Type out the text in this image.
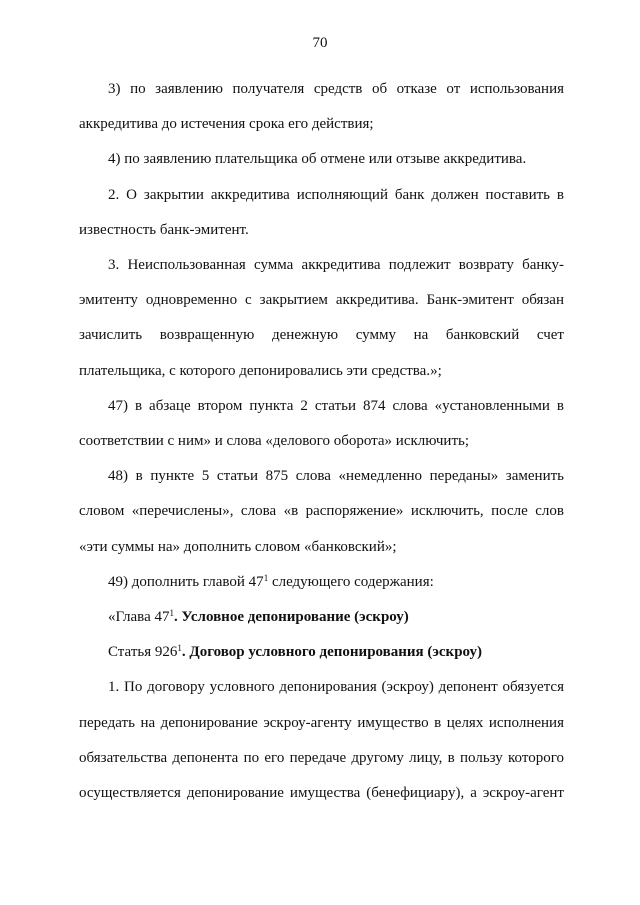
70

3) по заявлению получателя средств об отказе от использования аккредитива до истечения срока его действия;

4) по заявлению плательщика об отмене или отзыве аккредитива.

2. О закрытии аккредитива исполняющий банк должен поставить в известность банк-эмитент.

3. Неиспользованная сумма аккредитива подлежит возврату банку-эмитенту одновременно с закрытием аккредитива. Банк-эмитент обязан зачислить возвращенную денежную сумму на банковский счет плательщика, с которого депонировались эти средства.»;

47) в абзаце втором пункта 2 статьи 874 слова «установленными в соответствии с ним» и слова «делового оборота» исключить;

48) в пункте 5 статьи 875 слова «немедленно переданы» заменить словом «перечислены», слова «в распоряжение» исключить, после слов «эти суммы на» дополнить словом «банковский»;

49) дополнить главой $47^1$ следующего содержания:

«Глава $47^1$. Условное депонирование (эскроу)

Статья $926^1$. Договор условного депонирования (эскроу)

1. По договору условного депонирования (эскроу) депонент обязуется передать на депонирование эскроу-агенту имущество в целях исполнения обязательства депонента по его передаче другому лицу, в пользу которого осуществляется депонирование имущества (бенефициару), а эскроу-агент
